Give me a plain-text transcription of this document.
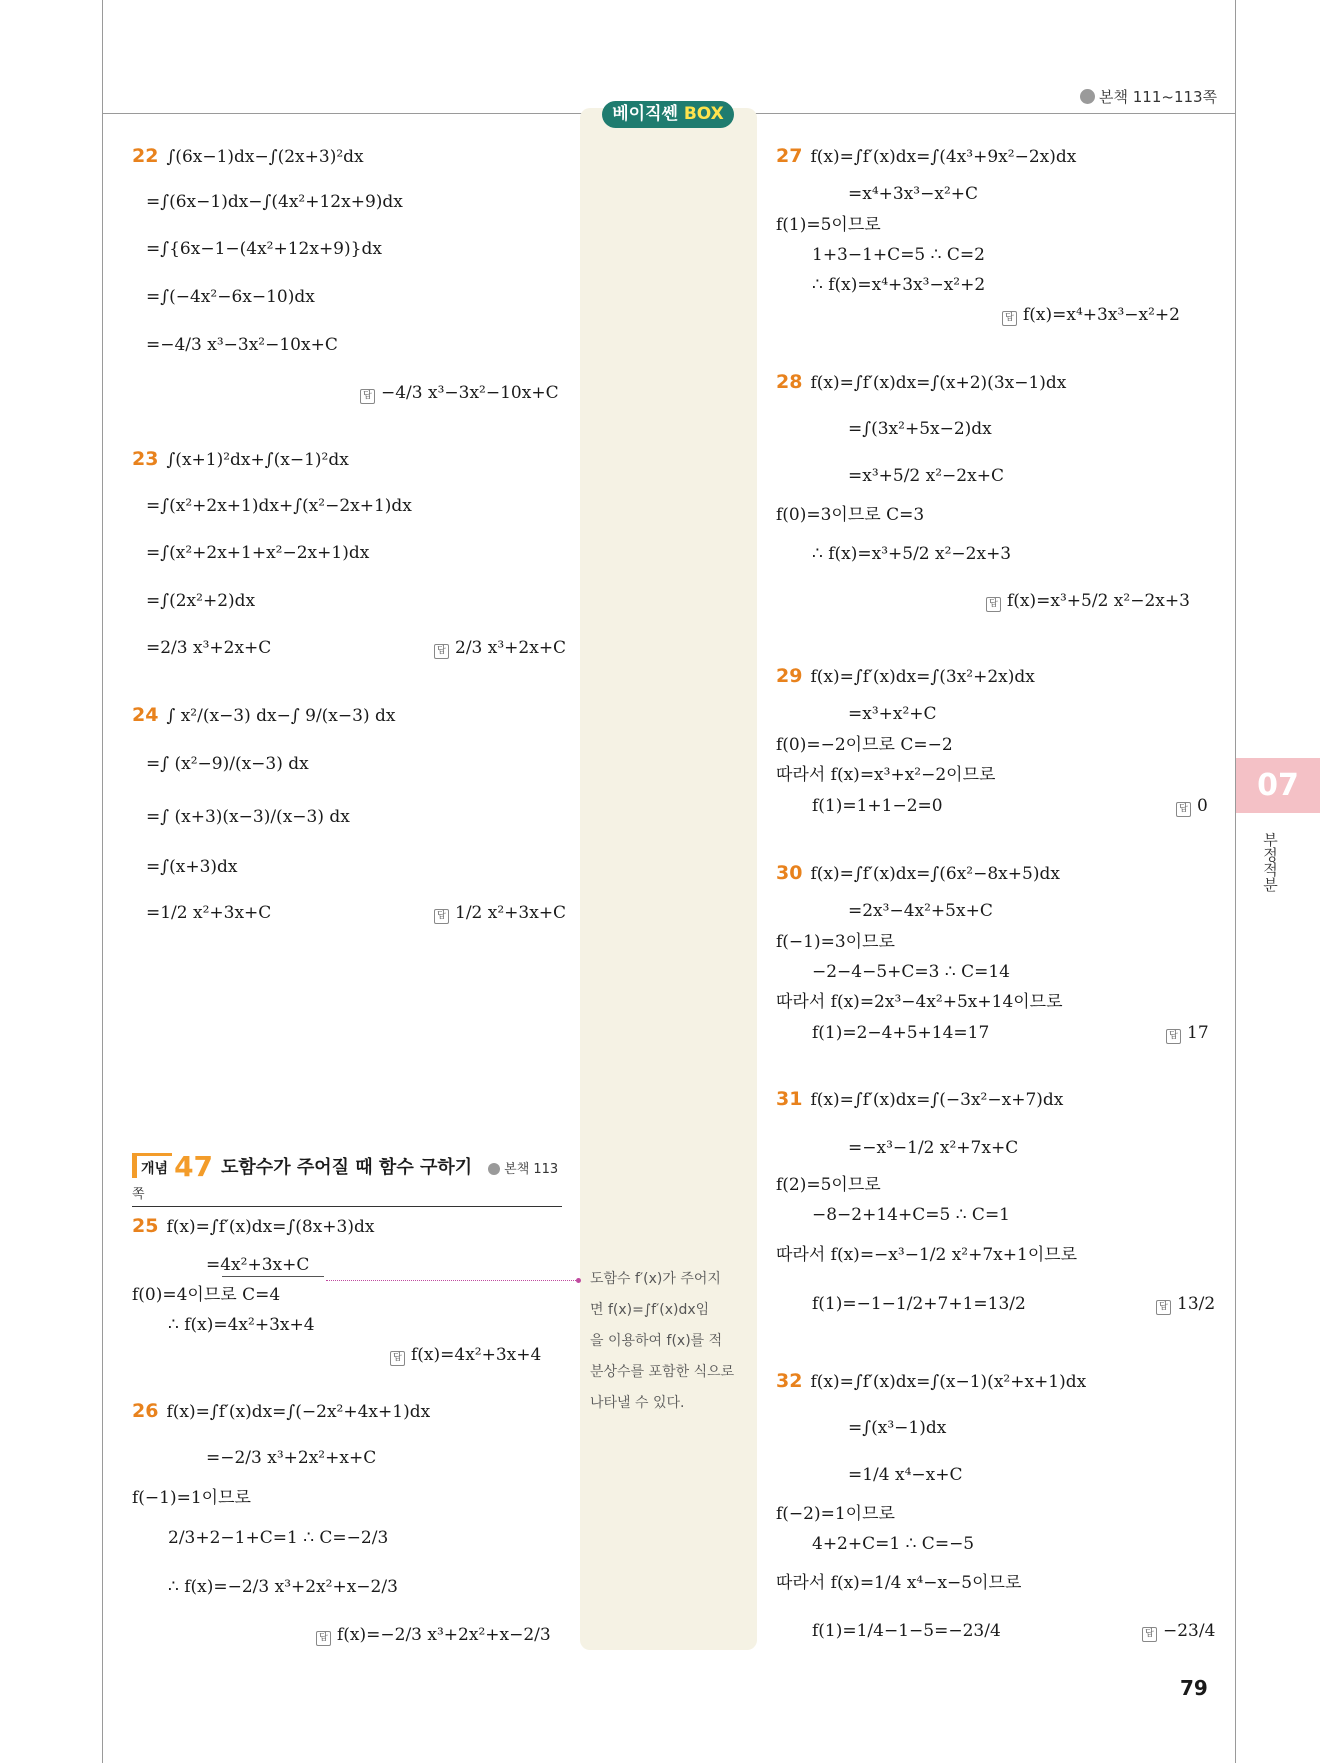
본책 111~113쪽
베이직쎈 BOX
22 ∫(6x−1)dx−∫(2x+3)²dx
=∫(6x−1)dx−∫(4x²+12x+9)dx
=∫{6x−1−(4x²+12x+9)}dx
=∫(−4x²−6x−10)dx
=−4/3 x³−3x²−10x+C
답 −4/3 x³−3x²−10x+C
23 ∫(x+1)²dx+∫(x−1)²dx
=∫(x²+2x+1)dx+∫(x²−2x+1)dx
=∫(x²+2x+1+x²−2x+1)dx
=∫(2x²+2)dx
=2/3 x³+2x+C	답 2/3 x³+2x+C
24 ∫ x²/(x−3) dx−∫ 9/(x−3) dx
=∫ (x²−9)/(x−3) dx
=∫ (x+3)(x−3)/(x−3) dx
=∫(x+3)dx
=1/2 x²+3x+C	답 1/2 x²+3x+C
개념 47 도함수가 주어질 때 함수 구하기 본책 113쪽
25 f(x)=∫f′(x)dx=∫(8x+3)dx
=4x²+3x+C
f(0)=4이므로 C=4
∴ f(x)=4x²+3x+4
답 f(x)=4x²+3x+4
26 f(x)=∫f′(x)dx=∫(−2x²+4x+1)dx
=−2/3 x³+2x²+x+C
f(−1)=1이므로
2/3+2−1+C=1 ∴ C=−2/3
∴ f(x)=−2/3 x³+2x²+x−2/3
답 f(x)=−2/3 x³+2x²+x−2/3
도함수 f′(x)가 주어지
면 f(x)=∫f′(x)dx임
을 이용하여 f(x)를 적
분상수를 포함한 식으로
나타낼 수 있다.
27 f(x)=∫f′(x)dx=∫(4x³+9x²−2x)dx
=x⁴+3x³−x²+C
f(1)=5이므로
1+3−1+C=5 ∴ C=2
∴ f(x)=x⁴+3x³−x²+2
답 f(x)=x⁴+3x³−x²+2
28 f(x)=∫f′(x)dx=∫(x+2)(3x−1)dx
=∫(3x²+5x−2)dx
=x³+5/2 x²−2x+C
f(0)=3이므로 C=3
∴ f(x)=x³+5/2 x²−2x+3
답 f(x)=x³+5/2 x²−2x+3
29 f(x)=∫f′(x)dx=∫(3x²+2x)dx
=x³+x²+C
f(0)=−2이므로 C=−2
따라서 f(x)=x³+x²−2이므로
f(1)=1+1−2=0	답 0
30 f(x)=∫f′(x)dx=∫(6x²−8x+5)dx
=2x³−4x²+5x+C
f(−1)=3이므로
−2−4−5+C=3 ∴ C=14
따라서 f(x)=2x³−4x²+5x+14이므로
f(1)=2−4+5+14=17	답 17
31 f(x)=∫f′(x)dx=∫(−3x²−x+7)dx
=−x³−1/2 x²+7x+C
f(2)=5이므로
−8−2+14+C=5 ∴ C=1
따라서 f(x)=−x³−1/2 x²+7x+1이므로
f(1)=−1−1/2+7+1=13/2	답 13/2
32 f(x)=∫f′(x)dx=∫(x−1)(x²+x+1)dx
=∫(x³−1)dx
=1/4 x⁴−x+C
f(−2)=1이므로
4+2+C=1 ∴ C=−5
따라서 f(x)=1/4 x⁴−x−5이므로
f(1)=1/4−1−5=−23/4	답 −23/4
07
부정적분
79
